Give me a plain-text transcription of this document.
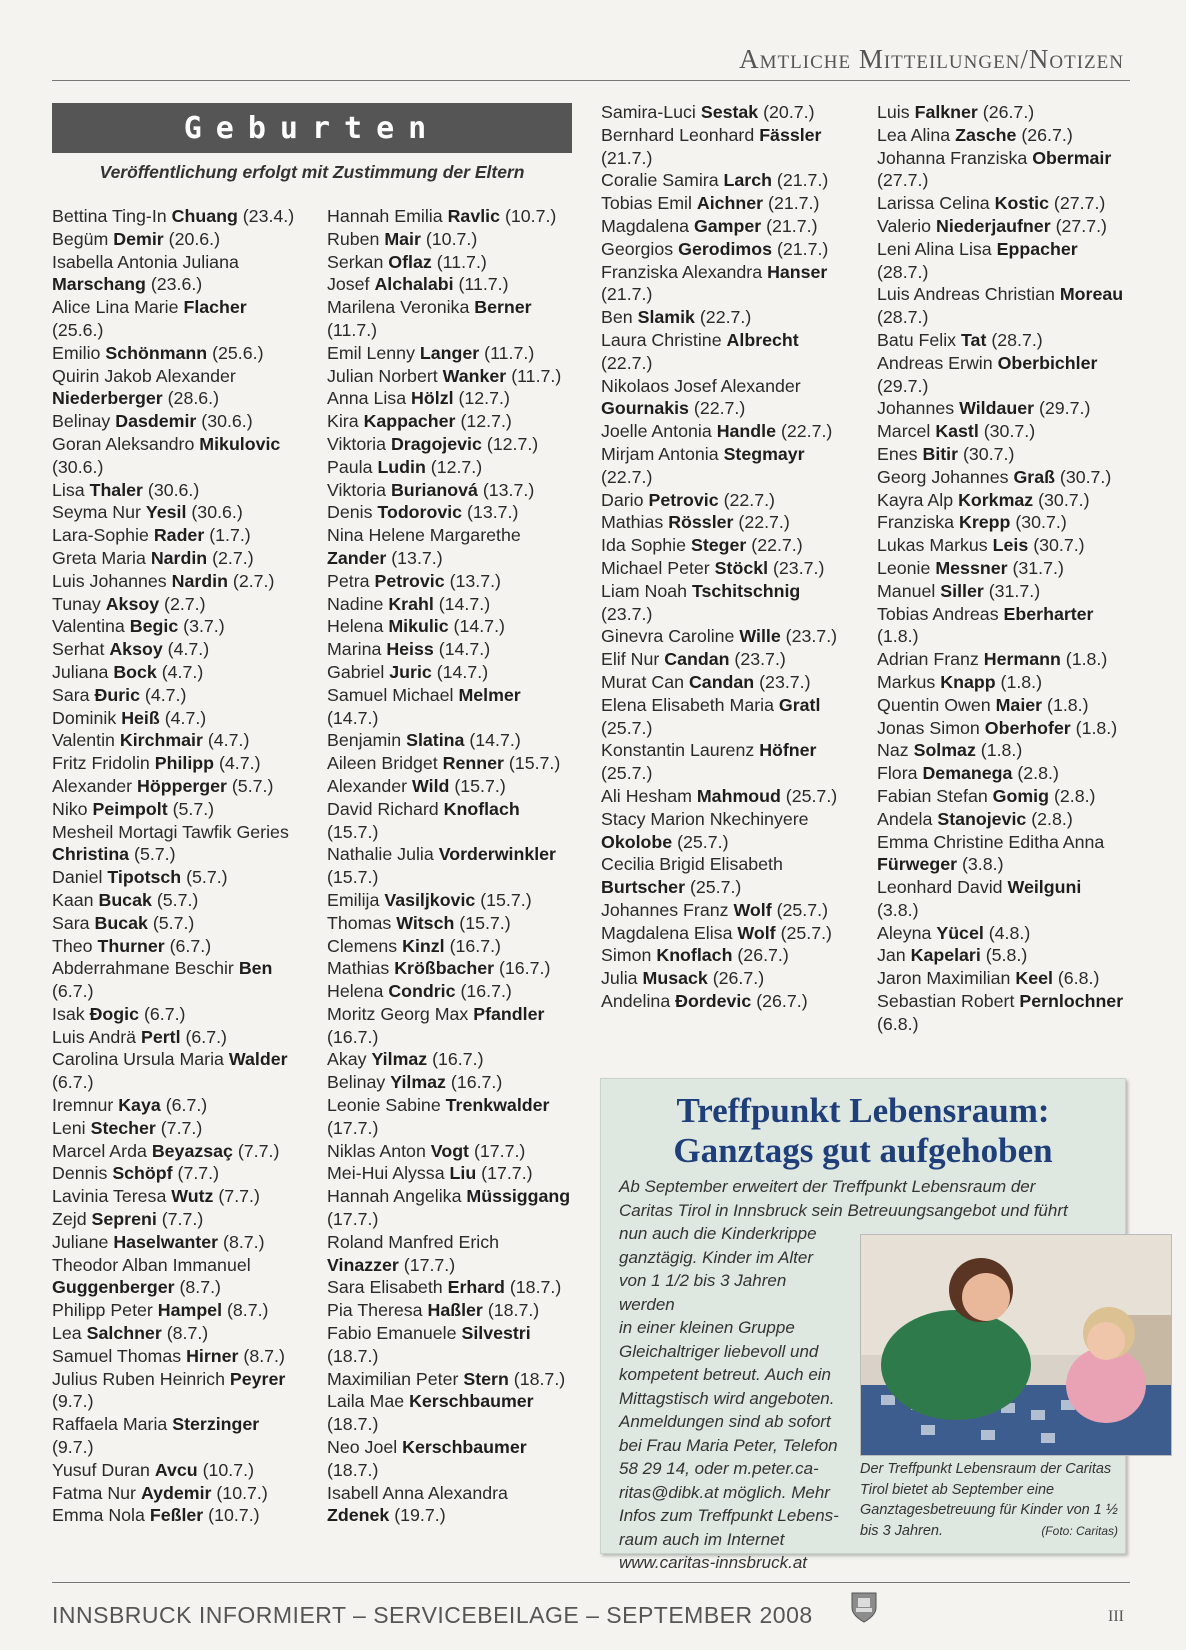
Amtliche Mitteilungen/Notizen
Geburten
Veröffentlichung erfolgt mit Zustimmung der Eltern
Bettina Ting-In Chuang (23.4.)
Begüm Demir (20.6.)
Isabella Antonia Juliana Marschang (23.6.)
Alice Lina Marie Flacher (25.6.)
Emilio Schönmann (25.6.)
Quirin Jakob Alexander Niederberger (28.6.)
Belinay Dasdemir (30.6.)
Goran Aleksandro Mikulovic (30.6.)
Lisa Thaler (30.6.)
Seyma Nur Yesil (30.6.)
Lara-Sophie Rader (1.7.)
Greta Maria Nardin (2.7.)
Luis Johannes Nardin (2.7.)
Tunay Aksoy (2.7.)
Valentina Begic (3.7.)
Serhat Aksoy (4.7.)
Juliana Bock (4.7.)
Sara Đuric (4.7.)
Dominik Heiß (4.7.)
Valentin Kirchmair (4.7.)
Fritz Fridolin Philipp (4.7.)
Alexander Höpperger (5.7.)
Niko Peimpolt (5.7.)
Mesheil Mortagi Tawfik Geries Christina (5.7.)
Daniel Tipotsch (5.7.)
Kaan Bucak (5.7.)
Sara Bucak (5.7.)
Theo Thurner (6.7.)
Abderrahmane Beschir Ben (6.7.)
Isak Đogic (6.7.)
Luis Andrä Pertl (6.7.)
Carolina Ursula Maria Walder (6.7.)
Iremnur Kaya (6.7.)
Leni Stecher (7.7.)
Marcel Arda Beyazsaç (7.7.)
Dennis Schöpf (7.7.)
Lavinia Teresa Wutz (7.7.)
Zejd Sepreni (7.7.)
Juliane Haselwanter (8.7.)
Theodor Alban Immanuel Guggenberger (8.7.)
Philipp Peter Hampel (8.7.)
Lea Salchner (8.7.)
Samuel Thomas Hirner (8.7.)
Julius Ruben Heinrich Peyrer (9.7.)
Raffaela Maria Sterzinger (9.7.)
Yusuf Duran Avcu (10.7.)
Fatma Nur Aydemir (10.7.)
Emma Nola Feßler (10.7.)
Hannah Emilia Ravlic (10.7.)
Ruben Mair (10.7.)
Serkan Oflaz (11.7.)
Josef Alchalabi (11.7.)
Marilena Veronika Berner (11.7.)
Emil Lenny Langer (11.7.)
Julian Norbert Wanker (11.7.)
Anna Lisa Hölzl (12.7.)
Kira Kappacher (12.7.)
Viktoria Dragojevic (12.7.)
Paula Ludin (12.7.)
Viktoria Burianová (13.7.)
Denis Todorovic (13.7.)
Nina Helene Margarethe Zander (13.7.)
Petra Petrovic (13.7.)
Nadine Krahl (14.7.)
Helena Mikulic (14.7.)
Marina Heiss (14.7.)
Gabriel Juric (14.7.)
Samuel Michael Melmer (14.7.)
Benjamin Slatina (14.7.)
Aileen Bridget Renner (15.7.)
Alexander Wild (15.7.)
David Richard Knoflach (15.7.)
Nathalie Julia Vorderwinkler (15.7.)
Emilija Vasiljkovic (15.7.)
Thomas Witsch (15.7.)
Clemens Kinzl (16.7.)
Mathias Krößbacher (16.7.)
Helena Condric (16.7.)
Moritz Georg Max Pfandler (16.7.)
Akay Yilmaz (16.7.)
Belinay Yilmaz (16.7.)
Leonie Sabine Trenkwalder (17.7.)
Niklas Anton Vogt (17.7.)
Mei-Hui Alyssa Liu (17.7.)
Hannah Angelika Müssiggang (17.7.)
Roland Manfred Erich Vinazzer (17.7.)
Sara Elisabeth Erhard (18.7.)
Pia Theresa Haßler (18.7.)
Fabio Emanuele Silvestri (18.7.)
Maximilian Peter Stern (18.7.)
Laila Mae Kerschbaumer (18.7.)
Neo Joel Kerschbaumer (18.7.)
Isabell Anna Alexandra Zdenek (19.7.)
Samira-Luci Sestak (20.7.)
Bernhard Leonhard Fässler (21.7.)
Coralie Samira Larch (21.7.)
Tobias Emil Aichner (21.7.)
Magdalena Gamper (21.7.)
Georgios Gerodimos (21.7.)
Franziska Alexandra Hanser (21.7.)
Ben Slamik (22.7.)
Laura Christine Albrecht (22.7.)
Nikolaos Josef Alexander Gournakis (22.7.)
Joelle Antonia Handle (22.7.)
Mirjam Antonia Stegmayr (22.7.)
Dario Petrovic (22.7.)
Mathias Rössler (22.7.)
Ida Sophie Steger (22.7.)
Michael Peter Stöckl (23.7.)
Liam Noah Tschitschnig (23.7.)
Ginevra Caroline Wille (23.7.)
Elif Nur Candan (23.7.)
Murat Can Candan (23.7.)
Elena Elisabeth Maria Gratl (25.7.)
Konstantin Laurenz Höfner (25.7.)
Ali Hesham Mahmoud (25.7.)
Stacy Marion Nkechinyere Okolobe (25.7.)
Cecilia Brigid Elisabeth Burtscher (25.7.)
Johannes Franz Wolf (25.7.)
Magdalena Elisa Wolf (25.7.)
Simon Knoflach (26.7.)
Julia Musack (26.7.)
Andelina Đordevic (26.7.)
Luis Falkner (26.7.)
Lea Alina Zasche (26.7.)
Johanna Franziska Obermair (27.7.)
Larissa Celina Kostic (27.7.)
Valerio Niederjaufner (27.7.)
Leni Alina Lisa Eppacher (28.7.)
Luis Andreas Christian Moreau (28.7.)
Batu Felix Tat (28.7.)
Andreas Erwin Oberbichler (29.7.)
Johannes Wildauer (29.7.)
Marcel Kastl (30.7.)
Enes Bitir (30.7.)
Georg Johannes Graß (30.7.)
Kayra Alp Korkmaz (30.7.)
Franziska Krepp (30.7.)
Lukas Markus Leis (30.7.)
Leonie Messner (31.7.)
Manuel Siller (31.7.)
Tobias Andreas Eberharter (1.8.)
Adrian Franz Hermann (1.8.)
Markus Knapp (1.8.)
Quentin Owen Maier (1.8.)
Jonas Simon Oberhofer (1.8.)
Naz Solmaz (1.8.)
Flora Demanega (2.8.)
Fabian Stefan Gomig (2.8.)
Andela Stanojevic (2.8.)
Emma Christine Editha Anna Fürweger (3.8.)
Leonhard David Weilguni (3.8.)
Aleyna Yücel (4.8.)
Jan Kapelari (5.8.)
Jaron Maximilian Keel (6.8.)
Sebastian Robert Pernlochner (6.8.)
Treffpunkt Lebensraum:
Ganztags gut aufgehoben
Ab September erweitert der Treffpunkt Lebensraum der
Caritas Tirol in Innsbruck sein Betreuungsangebot und führt
nun auch die Kinderkrippe
ganztägig. Kinder im Alter
von 1 1/2 bis 3 Jahren werden
in einer kleinen Gruppe
Gleichaltriger liebevoll und
kompetent betreut. Auch ein
Mittagstisch wird angeboten.
Anmeldungen sind ab sofort
bei Frau Maria Peter, Telefon
58 29 14, oder m.peter.ca-
ritas@dibk.at möglich. Mehr
Infos zum Treffpunkt Lebens-
raum auch im Internet
www.caritas-innsbruck.at
Der Treffpunkt Lebensraum der Caritas Tirol bietet ab September eine Ganztagesbetreuung für Kinder von 1 ½ bis 3 Jahren.	(Foto: Caritas)
INNSBRUCK INFORMIERT – SERVICEBEILAGE – SEPTEMBER 2008	III
